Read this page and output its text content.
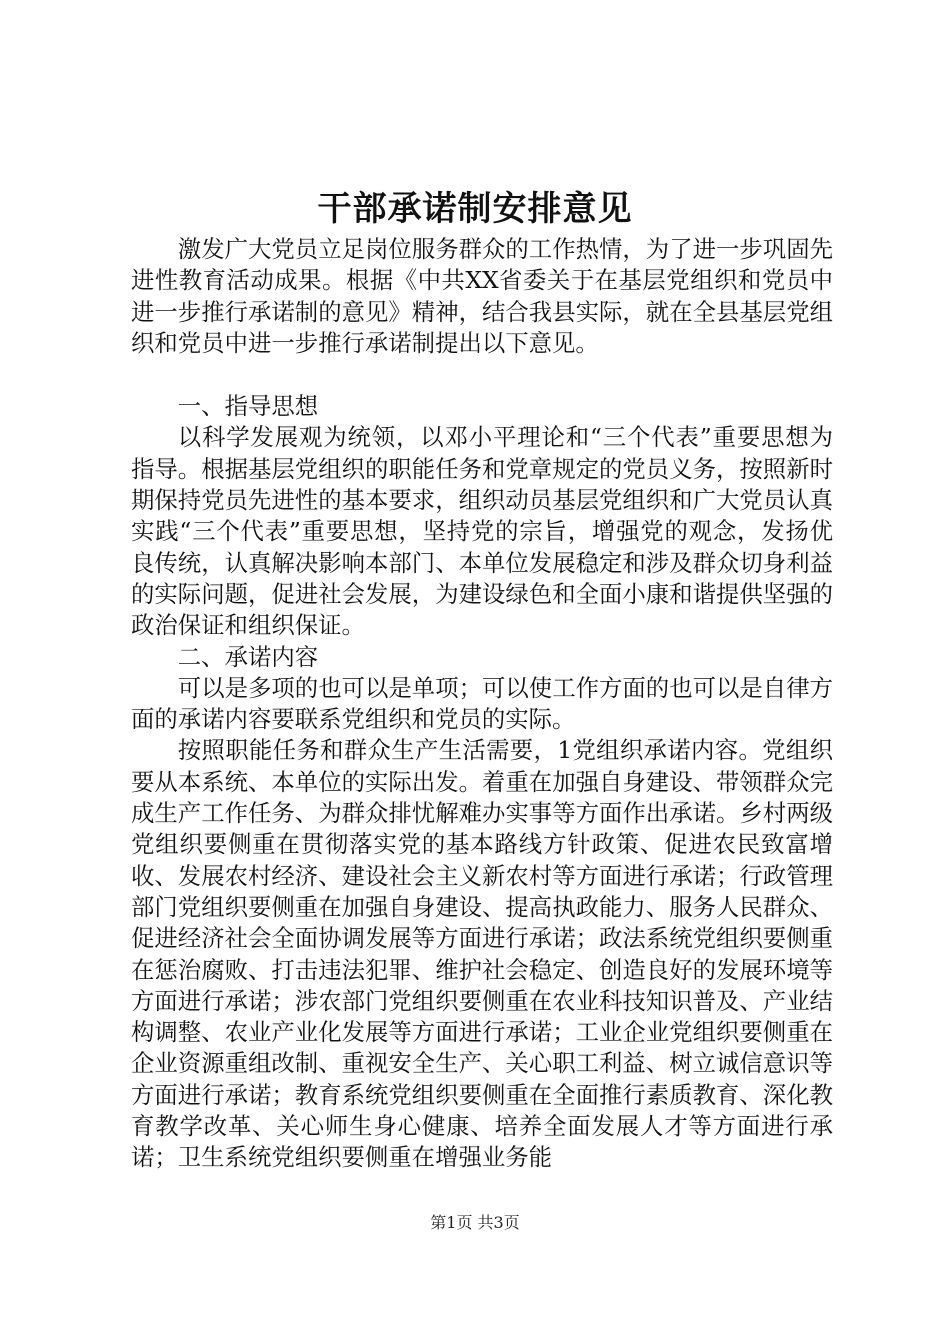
干部承诺制安排意见

激发广大党员立足岗位服务群众的工作热情，为了进一步巩固先进性教育活动成果。根据《中共XX省委关于在基层党组织和党员中进一步推行承诺制的意见》精神，结合我县实际，就在全县基层党组织和党员中进一步推行承诺制提出以下意见。

一、指导思想

以科学发展观为统领，以邓小平理论和“三个代表”重要思想为指导。根据基层党组织的职能任务和党章规定的党员义务，按照新时期保持党员先进性的基本要求，组织动员基层党组织和广大党员认真实践“三个代表”重要思想，坚持党的宗旨，增强党的观念，发扬优良传统，认真解决影响本部门、本单位发展稳定和涉及群众切身利益的实际问题，促进社会发展，为建设绿色和全面小康和谐提供坚强的政治保证和组织保证。

二、承诺内容

可以是多项的也可以是单项；可以使工作方面的也可以是自律方面的承诺内容要联系党组织和党员的实际。

按照职能任务和群众生产生活需要，1党组织承诺内容。党组织要从本系统、本单位的实际出发。着重在加强自身建设、带领群众完成生产工作任务、为群众排忧解难办实事等方面作出承诺。乡村两级党组织要侧重在贯彻落实党的基本路线方针政策、促进农民致富增收、发展农村经济、建设社会主义新农村等方面进行承诺；行政管理部门党组织要侧重在加强自身建设、提高执政能力、服务人民群众、促进经济社会全面协调发展等方面进行承诺；政法系统党组织要侧重在惩治腐败、打击违法犯罪、维护社会稳定、创造良好的发展环境等方面进行承诺；涉农部门党组织要侧重在农业科技知识普及、产业结构调整、农业产业化发展等方面进行承诺；工业企业党组织要侧重在企业资源重组改制、重视安全生产、关心职工利益、树立诚信意识等方面进行承诺；教育系统党组织要侧重在全面推行素质教育、深化教育教学改革、关心师生身心健康、培养全面发展人才等方面进行承诺；卫生系统党组织要侧重在增强业务能

第1页 共3页
